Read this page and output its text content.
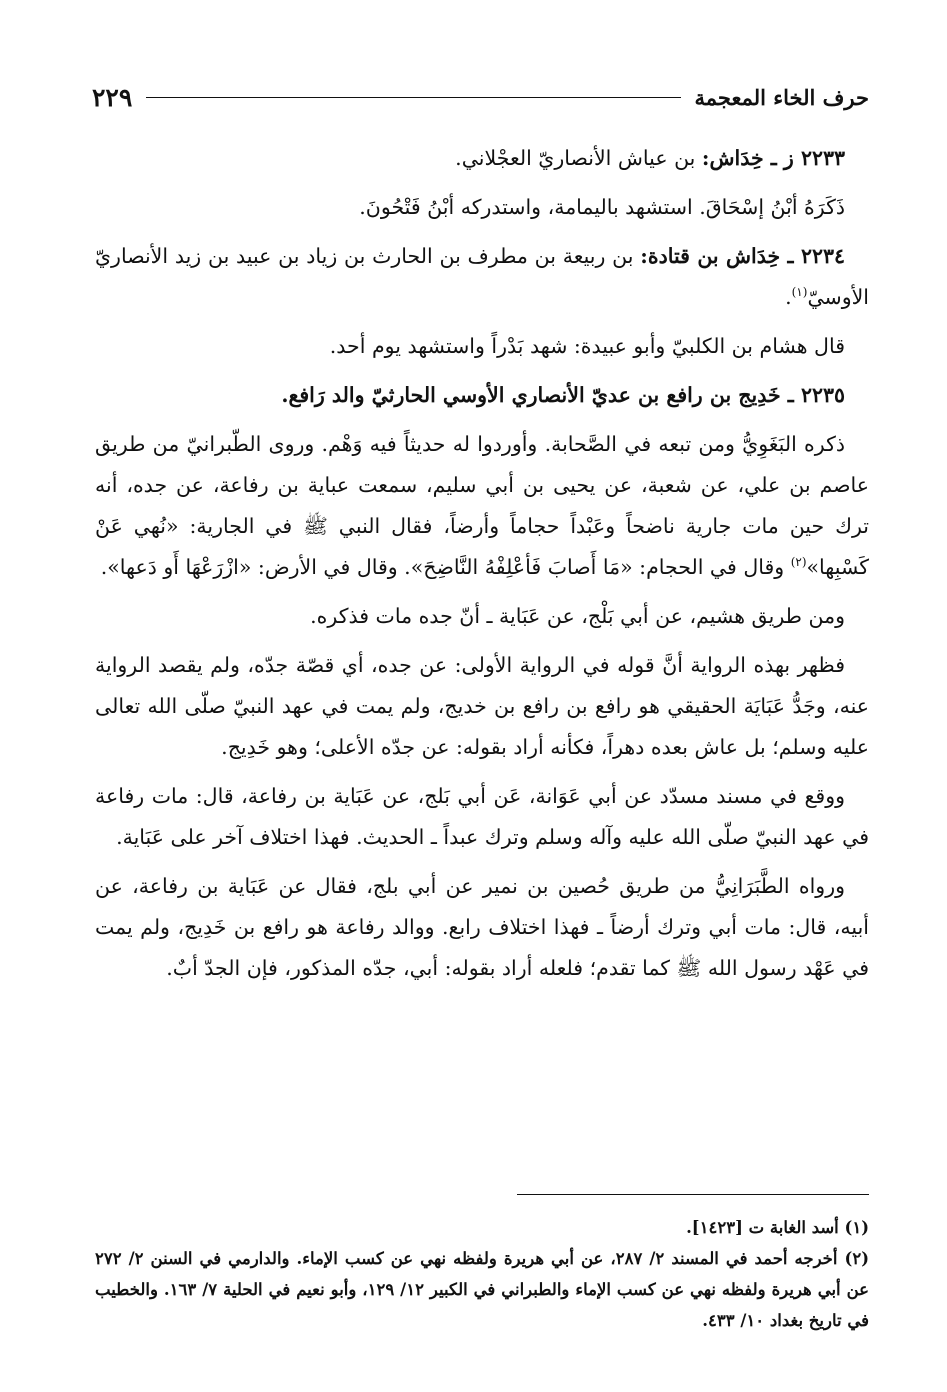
حرف الخاء المعجمة
٢٢٩

٢٢٣٣ ز ـ خِدَاش: بن عياش الأنصاريّ العجْلاني.

ذَكَرَهُ أبْنُ إسْحَاقَ. استشهد باليمامة، واستدركه أبْنُ فَتْحُونَ.

٢٢٣٤ ـ خِدَاش بن قتادة: بن ربيعة بن مطرف بن الحارث بن زياد بن عبيد بن زيد الأنصاريّ الأوسيّ$^{(١)}$.

قال هشام بن الكلبيّ وأبو عبيدة: شهد بَدْراً واستشهد يوم أحد.

٢٢٣٥ ـ خَدِيج بن رافع بن عديّ الأنصاري الأوسي الحارثيّ والد رَافع.

ذكره البَغَوِيُّ ومن تبعه في الصَّحابة. وأوردوا له حديثاً فيه وَهْم. وروى الطّبرانيّ من طريق عاصم بن علي، عن شعبة، عن يحيى بن أبي سليم، سمعت عباية بن رفاعة، عن جده، أنه ترك حين مات جارية ناضحاً وعَبْداً حجاماً وأرضاً، فقال النبي ﷺ في الجارية: «نُهي عَنْ كَسْبِها»$^{(٢)}$ وقال في الحجام: «مَا أَصابَ فَأعْلِفْهُ النَّاضِحَ». وقال في الأرض: «ازْرَعْهَا أَو دَعها».

ومن طريق هشيم، عن أبي بَلْج، عن عَبَاية ـ أنّ جده مات فذكره.

فظهر بهذه الرواية أنَّ قوله في الرواية الأولى: عن جده، أي قصّة جدّه، ولم يقصد الرواية عنه، وجَدُّ عَبَايَة الحقيقي هو رافع بن رافع بن خديج، ولم يمت في عهد النبيّ صلّى الله تعالى عليه وسلم؛ بل عاش بعده دهراً، فكأنه أراد بقوله: عن جدّه الأعلى؛ وهو خَدِيج.

ووقع في مسند مسدّد عن أبي عَوَانة، عَن أبي بَلج، عن عَبَاية بن رفاعة، قال: مات رفاعة في عهد النبيّ صلّى الله عليه وآله وسلم وترك عبداً ـ الحديث. فهذا اختلاف آخر على عَبَاية.

ورواه الطَّبَرَانِيُّ من طريق حُصين بن نمير عن أبي بلج، فقال عن عَبَاية بن رفاعة، عن أبيه، قال: مات أبي وترك أرضاً ـ فهذا اختلاف رابع. ووالد رفاعة هو رافع بن خَدِيج، ولم يمت في عَهْد رسول الله ﷺ كما تقدم؛ فلعله أراد بقوله: أبي، جدّه المذكور، فإن الجدّ أبٌ.

(١) أسد الغابة ت [١٤٢٣].

(٢) أخرجه أحمد في المسند ٢/ ٢٨٧، عن أبي هريرة ولفظه نهي عن كسب الإماء. والدارمي في السنن ٢/ ٢٧٢ عن أبي هريرة ولفظه نهي عن كسب الإماء والطبراني في الكبير ١٢/ ١٢٩، وأبو نعيم في الحلية ٧/ ١٦٣. والخطيب في تاريخ بغداد ١٠/ ٤٣٣.
